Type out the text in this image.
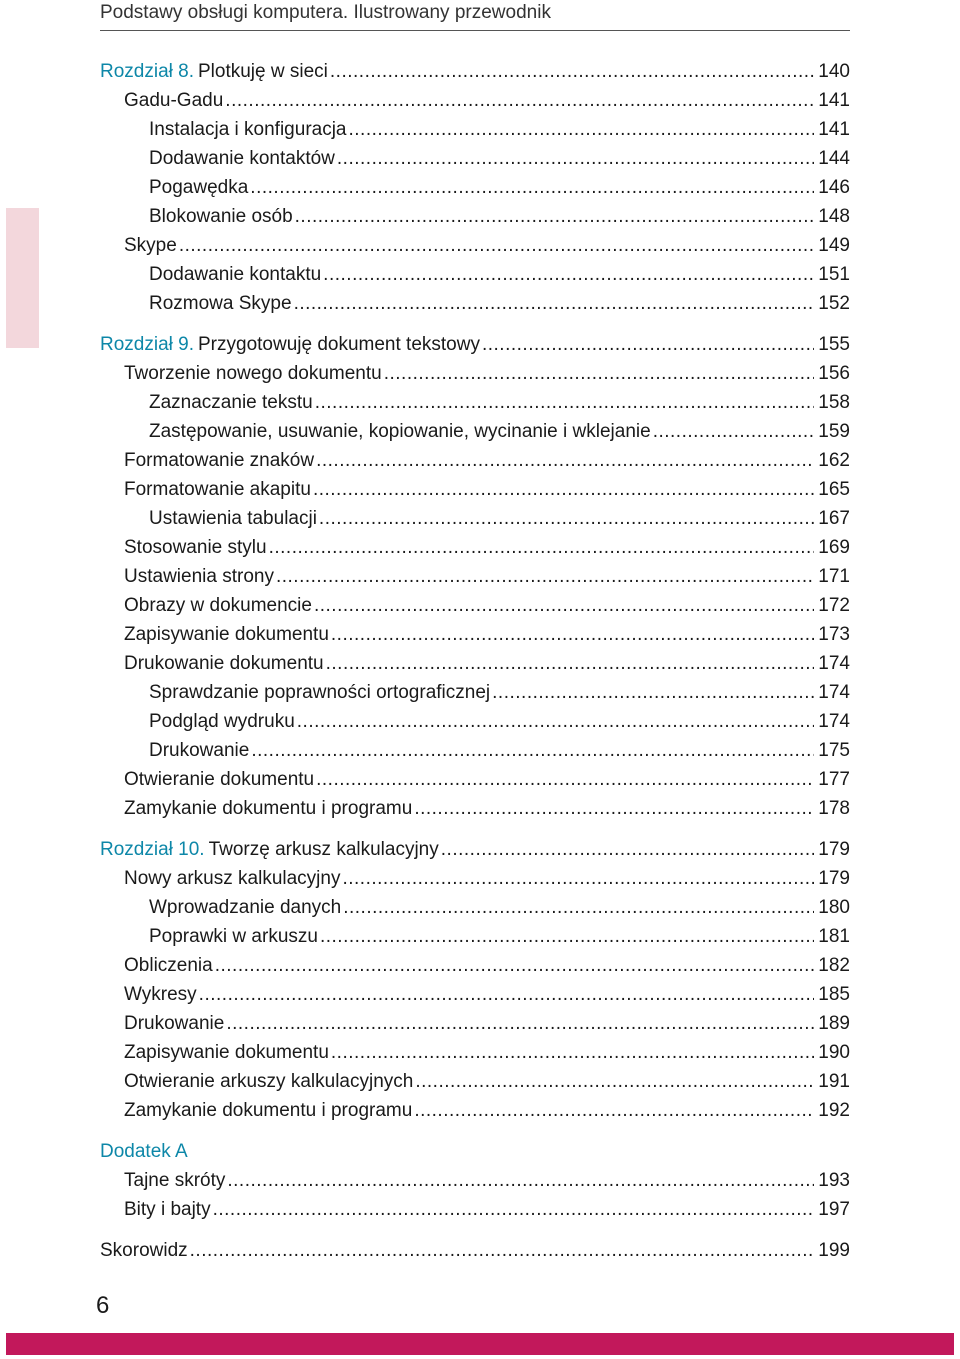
Podstawy obsługi komputera. Ilustrowany przewodnik
Rozdział 8. Plotkuję w sieci .....	140
Gadu-Gadu .....	141
Instalacja i konfiguracja .....	141
Dodawanie kontaktów .....	144
Pogawędka .....	146
Blokowanie osób .....	148
Skype .....	149
Dodawanie kontaktu .....	151
Rozmowa Skype .....	152
Rozdział 9. Przygotowuję dokument tekstowy .....	155
Tworzenie nowego dokumentu .....	156
Zaznaczanie tekstu .....	158
Zastępowanie, usuwanie, kopiowanie, wycinanie i wklejanie .....	159
Formatowanie znaków .....	162
Formatowanie akapitu .....	165
Ustawienia tabulacji .....	167
Stosowanie stylu .....	169
Ustawienia strony .....	171
Obrazy w dokumencie .....	172
Zapisywanie dokumentu .....	173
Drukowanie dokumentu .....	174
Sprawdzanie poprawności ortograficznej .....	174
Podgląd wydruku .....	174
Drukowanie .....	175
Otwieranie dokumentu .....	177
Zamykanie dokumentu i programu .....	178
Rozdział 10. Tworzę arkusz kalkulacyjny .....	179
Nowy arkusz kalkulacyjny .....	179
Wprowadzanie danych .....	180
Poprawki w arkuszu .....	181
Obliczenia .....	182
Wykresy .....	185
Drukowanie .....	189
Zapisywanie dokumentu .....	190
Otwieranie arkuszy kalkulacyjnych .....	191
Zamykanie dokumentu i programu .....	192
Dodatek A
Tajne skróty .....	193
Bity i bajty .....	197
Skorowidz .....	199
6
